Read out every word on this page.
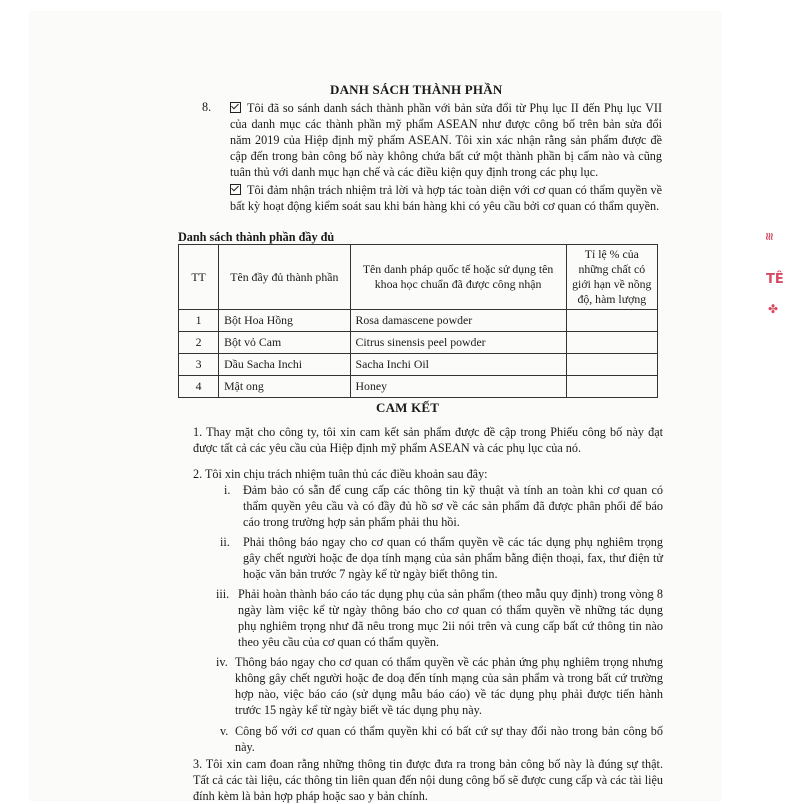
DANH SÁCH THÀNH PHẦN
8.	Tôi đã so sánh danh sách thành phần với bản sửa đổi từ Phụ lục II đến Phụ lục VII của danh mục các thành phần mỹ phẩm ASEAN như được công bố trên bản sửa đổi năm 2019 của Hiệp định mỹ phẩm ASEAN. Tôi xin xác nhận rằng sản phẩm được đề cập đến trong bản công bố này không chứa bất cứ một thành phần bị cấm nào và cũng tuân thủ với danh mục hạn chế và các điều kiện quy định trong các phụ lục.
Tôi đảm nhận trách nhiệm trả lời và hợp tác toàn diện với cơ quan có thẩm quyền về bất kỳ hoạt động kiểm soát sau khi bán hàng khi có yêu cầu bởi cơ quan có thẩm quyền.
Danh sách thành phần đầy đủ
TT	Tên đầy đủ thành phần	Tên danh pháp quốc tế hoặc sử dụng tên khoa học chuẩn đã được công nhận	Tỉ lệ % của những chất có giới hạn về nồng độ, hàm lượng
1	Bột Hoa Hồng	Rosa damascene powder	
2	Bột vỏ Cam	Citrus sinensis peel powder	
3	Dầu Sacha Inchi	Sacha Inchi Oil	
4	Mật ong	Honey	
CAM KẾT
1. Thay mặt cho công ty, tôi xin cam kết sản phẩm được đề cập trong Phiếu công bố này đạt được tất cả các yêu cầu của Hiệp định mỹ phẩm ASEAN và các phụ lục của nó.
2. Tôi xin chịu trách nhiệm tuân thủ các điều khoản sau đây:
i. Đảm bảo có sẵn để cung cấp các thông tin kỹ thuật và tính an toàn khi cơ quan có thẩm quyền yêu cầu và có đầy đủ hồ sơ về các sản phẩm đã được phân phối để báo cáo trong trường hợp sản phẩm phải thu hồi.
ii. Phải thông báo ngay cho cơ quan có thẩm quyền về các tác dụng phụ nghiêm trọng gây chết người hoặc đe dọa tính mạng của sản phẩm bằng điện thoại, fax, thư điện tử hoặc văn bản trước 7 ngày kể từ ngày biết thông tin.
iii. Phải hoàn thành báo cáo tác dụng phụ của sản phẩm (theo mẫu quy định) trong vòng 8 ngày làm việc kể từ ngày thông báo cho cơ quan có thẩm quyền về những tác dụng phụ nghiêm trọng như đã nêu trong mục 2ii nói trên và cung cấp bất cứ thông tin nào theo yêu cầu của cơ quan có thẩm quyền.
iv. Thông báo ngay cho cơ quan có thẩm quyền về các phản ứng phụ nghiêm trọng nhưng không gây chết người hoặc đe doạ đến tính mạng của sản phẩm và trong bất cứ trường hợp nào, việc báo cáo (sử dụng mẫu báo cáo) về tác dụng phụ phải được tiến hành trước 15 ngày kể từ ngày biết về tác dụng phụ này.
v. Công bố với cơ quan có thẩm quyền khi có bất cứ sự thay đổi nào trong bản công bố này.
3. Tôi xin cam đoan rằng những thông tin được đưa ra trong bản công bố này là đúng sự thật. Tất cả các tài liệu, các thông tin liên quan đến nội dung công bố sẽ được cung cấp và các tài liệu đính kèm là bản hợp pháp hoặc sao y bản chính.
≋
TÊ
✤
